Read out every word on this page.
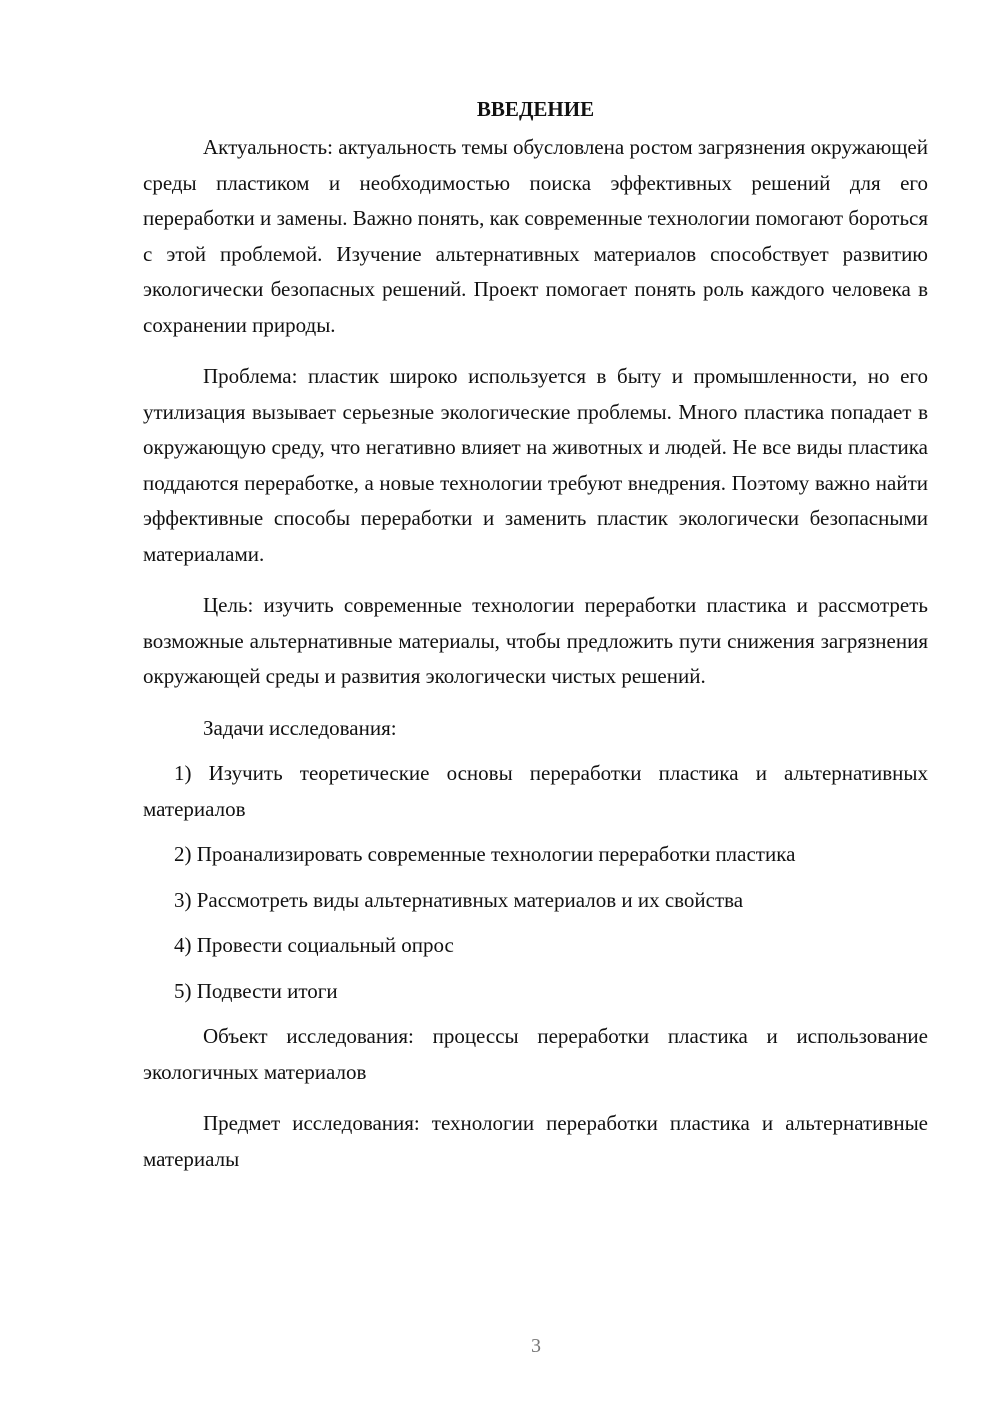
ВВЕДЕНИЕ

Актуальность: актуальность темы обусловлена ростом загрязнения окружающей среды пластиком и необходимостью поиска эффективных решений для его переработки и замены. Важно понять, как современные технологии помогают бороться с этой проблемой. Изучение альтернативных материалов способствует развитию экологически безопасных решений. Проект помогает понять роль каждого человека в сохранении природы.

Проблема: пластик широко используется в быту и промышленности, но его утилизация вызывает серьезные экологические проблемы. Много пластика попадает в окружающую среду, что негативно влияет на животных и людей. Не все виды пластика поддаются переработке, а новые технологии требуют внедрения. Поэтому важно найти эффективные способы переработки и заменить пластик экологически безопасными материалами.

Цель: изучить современные технологии переработки пластика и рассмотреть возможные альтернативные материалы, чтобы предложить пути снижения загрязнения окружающей среды и развития экологически чистых решений.

Задачи исследования:

1) Изучить теоретические основы переработки пластика и альтернативных материалов

2) Проанализировать современные технологии переработки пластика

3) Рассмотреть виды альтернативных материалов и их свойства

4) Провести социальный опрос

5) Подвести итоги

Объект исследования: процессы переработки пластика и использование экологичных материалов

Предмет исследования: технологии переработки пластика и альтернативные материалы

3
